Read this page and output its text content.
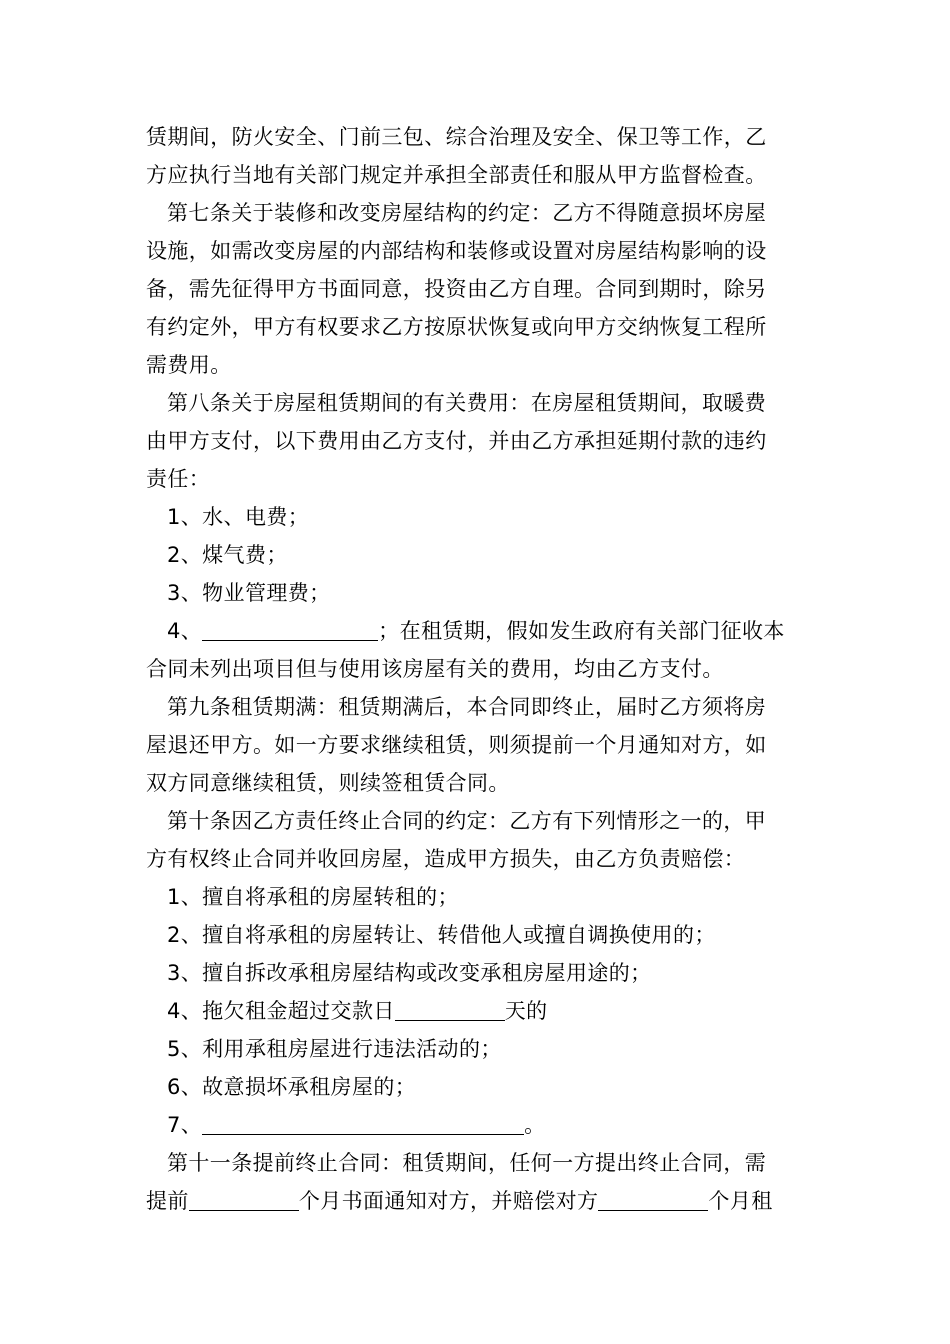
赁期间，防火安全、门前三包、综合治理及安全、保卫等工作，乙
方应执行当地有关部门规定并承担全部责任和服从甲方监督检查。
第七条关于装修和改变房屋结构的约定：乙方不得随意损坏房屋
设施，如需改变房屋的内部结构和装修或设置对房屋结构影响的设
备，需先征得甲方书面同意，投资由乙方自理。合同到期时，除另
有约定外，甲方有权要求乙方按原状恢复或向甲方交纳恢复工程所
需费用。
第八条关于房屋租赁期间的有关费用：在房屋租赁期间，取暖费
由甲方支付，以下费用由乙方支付，并由乙方承担延期付款的违约
责任：
1、水、电费；
2、煤气费；
3、物业管理费；
4、	；在租赁期，假如发生政府有关部门征收本
合同未列出项目但与使用该房屋有关的费用，均由乙方支付。
第九条租赁期满：租赁期满后，本合同即终止，届时乙方须将房
屋退还甲方。如一方要求继续租赁，则须提前一个月通知对方，如
双方同意继续租赁，则续签租赁合同。
第十条因乙方责任终止合同的约定：乙方有下列情形之一的，甲
方有权终止合同并收回房屋，造成甲方损失，由乙方负责赔偿：
1、擅自将承租的房屋转租的；
2、擅自将承租的房屋转让、转借他人或擅自调换使用的；
3、擅自拆改承租房屋结构或改变承租房屋用途的；
4、拖欠租金超过交款日	天的
5、利用承租房屋进行违法活动的；
6、故意损坏承租房屋的；
7、	。
第十一条提前终止合同：租赁期间，任何一方提出终止合同，需
提前	个月书面通知对方，并赔偿对方	个月租
